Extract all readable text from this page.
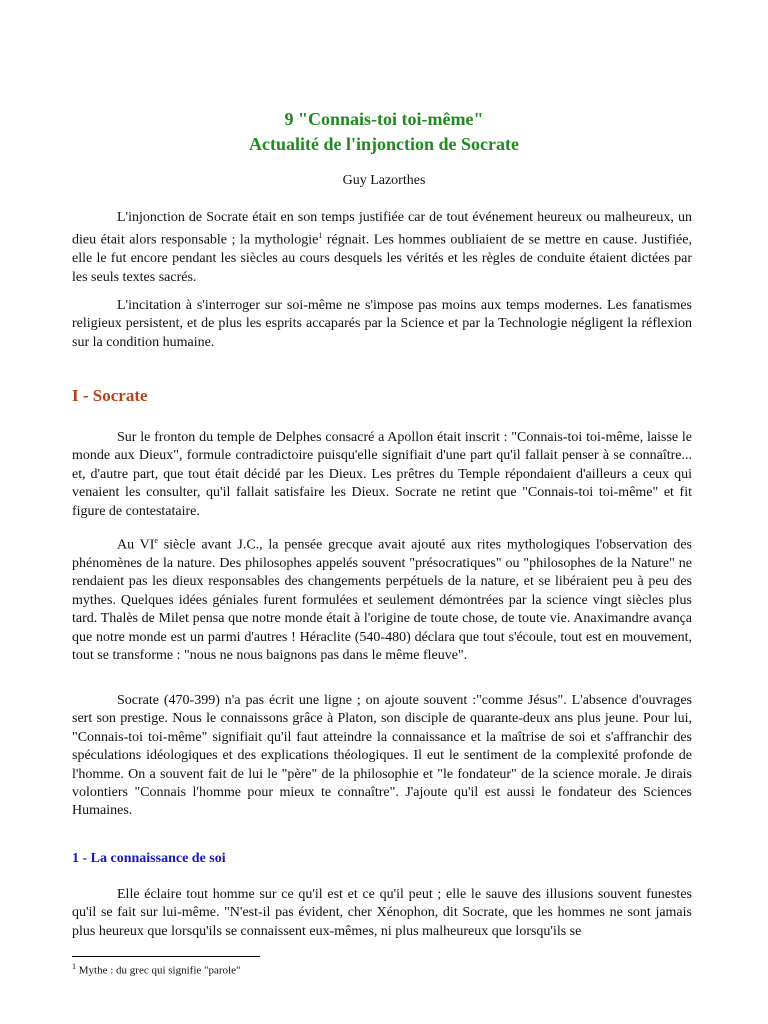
9 "Connais-toi toi-même"
Actualité de l'injonction de Socrate
Guy Lazorthes

L'injonction de Socrate était en son temps justifiée car de tout événement heureux ou malheureux, un dieu était alors responsable ; la mythologie$^1$ régnait. Les hommes oubliaient de se mettre en cause. Justifiée, elle le fut encore pendant les siècles au cours desquels les vérités et les règles de conduite étaient dictées par les seuls textes sacrés.

L'incitation à s'interroger sur soi-même ne s'impose pas moins aux temps modernes. Les fanatismes religieux persistent, et de plus les esprits accaparés par la Science et par la Technologie négligent la réflexion sur la condition humaine.

I - Socrate

Sur le fronton du temple de Delphes consacré a Apollon était inscrit : "Connais-toi toi-même, laisse le monde aux Dieux", formule contradictoire puisqu'elle signifiait d'une part qu'il fallait penser à se connaître... et, d'autre part, que tout était décidé par les Dieux. Les prêtres du Temple répondaient d'ailleurs a ceux qui venaient les consulter, qu'il fallait satisfaire les Dieux. Socrate ne retint que "Connais-toi toi-même" et fit figure de contestataire.

Au VIe siècle avant J.C., la pensée grecque avait ajouté aux rites mythologiques l'observation des phénomènes de la nature. Des philosophes appelés souvent "présocratiques" ou "philosophes de la Nature" ne rendaient pas les dieux responsables des changements perpétuels de la nature, et se libéraient peu à peu des mythes. Quelques idées géniales furent formulées et seulement démontrées par la science vingt siècles plus tard. Thalès de Milet pensa que notre monde était à l'origine de toute chose, de toute vie. Anaximandre avança que notre monde est un parmi d'autres ! Héraclite (540-480) déclara que tout s'écoule, tout est en mouvement, tout se transforme : "nous ne nous baignons pas dans le même fleuve".

Socrate (470-399) n'a pas écrit une ligne ; on ajoute souvent :"comme Jésus". L'absence d'ouvrages sert son prestige. Nous le connaissons grâce à Platon, son disciple de quarante-deux ans plus jeune. Pour lui, "Connais-toi toi-même" signifiait qu'il faut atteindre la connaissance et la maîtrise de soi et s'affranchir des spéculations idéologiques et des explications théologiques. Il eut le sentiment de la complexité profonde de l'homme. On a souvent fait de lui le "père" de la philosophie et "le fondateur" de la science morale. Je dirais volontiers "Connais l'homme pour mieux te connaître". J'ajoute qu'il est aussi le fondateur des Sciences Humaines.

1 - La connaissance de soi

Elle éclaire tout homme sur ce qu'il est et ce qu'il peut ; elle le sauve des illusions souvent funestes qu'il se fait sur lui-même. "N'est-il pas évident, cher Xénophon, dit Socrate, que les hommes ne sont jamais plus heureux que lorsqu'ils se connaissent eux-mêmes, ni plus malheureux que lorsqu'ils se

$^1$ Mythe : du grec qui signifie "parole"
